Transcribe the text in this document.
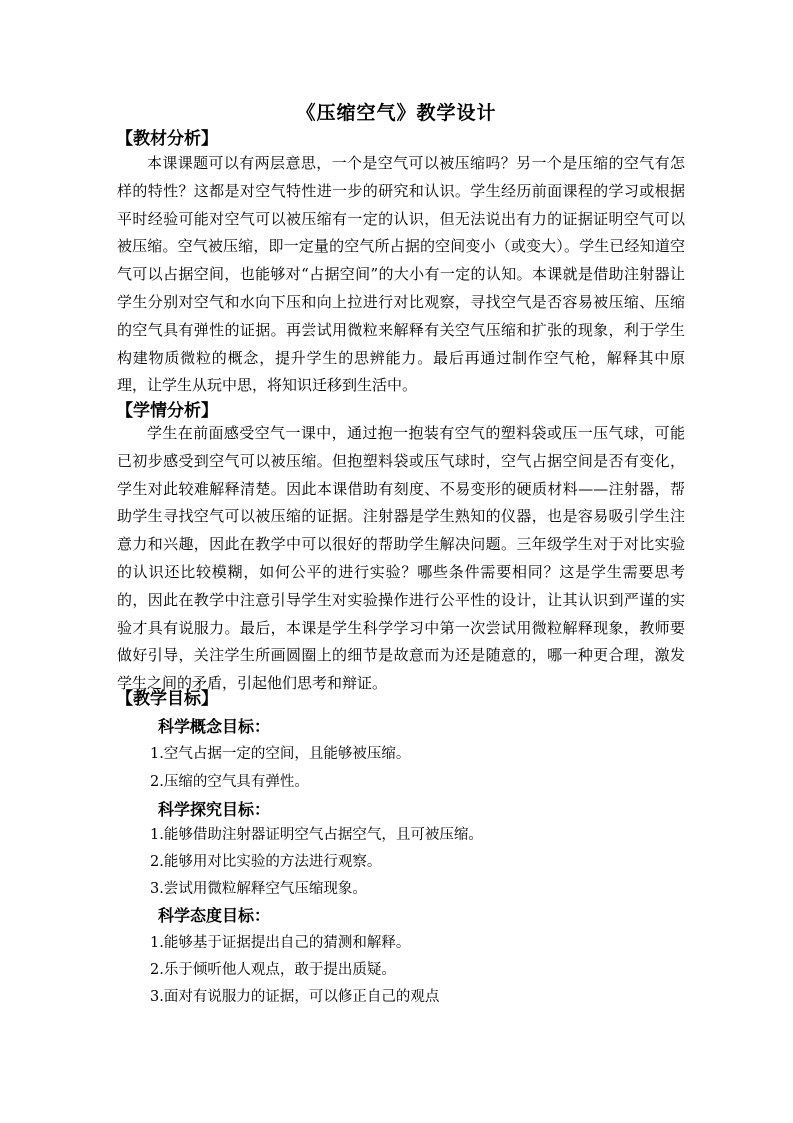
《压缩空气》教学设计
【教材分析】

本课课题可以有两层意思，一个是空气可以被压缩吗？另一个是压缩的空气有怎样的特性？这都是对空气特性进一步的研究和认识。学生经历前面课程的学习或根据平时经验可能对空气可以被压缩有一定的认识，但无法说出有力的证据证明空气可以被压缩。空气被压缩，即一定量的空气所占据的空间变小（或变大）。学生已经知道空气可以占据空间，也能够对“占据空间”的大小有一定的认知。本课就是借助注射器让学生分别对空气和水向下压和向上拉进行对比观察，寻找空气是否容易被压缩、压缩的空气具有弹性的证据。再尝试用微粒来解释有关空气压缩和扩张的现象，利于学生构建物质微粒的概念，提升学生的思辨能力。最后再通过制作空气枪，解释其中原理，让学生从玩中思，将知识迁移到生活中。

【学情分析】

学生在前面感受空气一课中，通过抱一抱装有空气的塑料袋或压一压气球，可能已初步感受到空气可以被压缩。但抱塑料袋或压气球时，空气占据空间是否有变化，学生对此较难解释清楚。因此本课借助有刻度、不易变形的硬质材料——注射器，帮助学生寻找空气可以被压缩的证据。注射器是学生熟知的仪器，也是容易吸引学生注意力和兴趣，因此在教学中可以很好的帮助学生解决问题。三年级学生对于对比实验的认识还比较模糊，如何公平的进行实验？哪些条件需要相同？这是学生需要思考的，因此在教学中注意引导学生对实验操作进行公平性的设计，让其认识到严谨的实验才具有说服力。最后，本课是学生科学学习中第一次尝试用微粒解释现象，教师要做好引导，关注学生所画圆圈上的细节是故意而为还是随意的，哪一种更合理，激发学生之间的矛盾，引起他们思考和辩证。

【教学目标】
科学概念目标：
1.空气占据一定的空间，且能够被压缩。
2.压缩的空气具有弹性。
科学探究目标：
1.能够借助注射器证明空气占据空气，且可被压缩。
2.能够用对比实验的方法进行观察。
3.尝试用微粒解释空气压缩现象。
科学态度目标：
1.能够基于证据提出自己的猜测和解释。
2.乐于倾听他人观点，敢于提出质疑。
3.面对有说服力的证据，可以修正自己的观点
